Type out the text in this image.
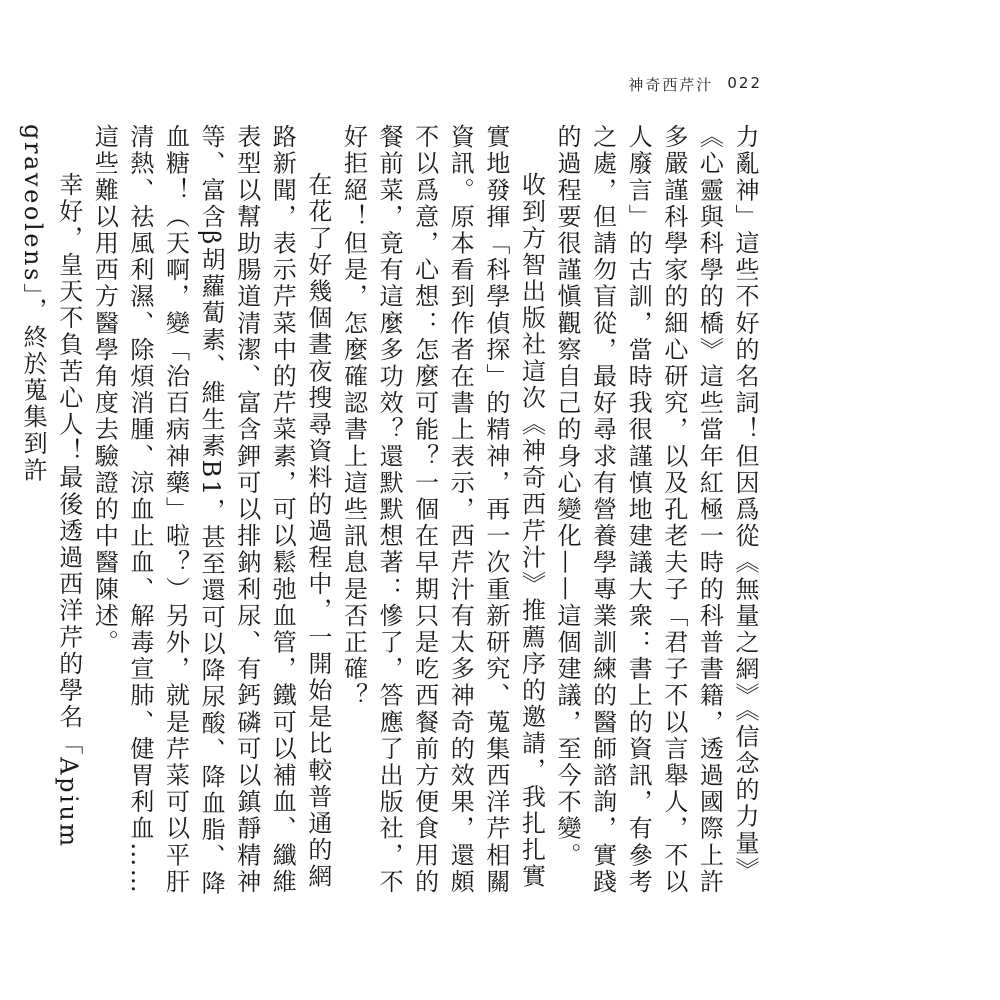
神奇西芹汁 022

力亂神」這些不好的名詞！但因爲從《無量之網》《信念的力量》《心靈與科學的橋》這些當年紅極一時的科普書籍，透過國際上許多嚴謹科學家的細心研究，以及孔老夫子「君子不以言舉人，不以人廢言」的古訓，當時我很謹慎地建議大衆：書上的資訊，有參考之處，但請勿盲從，最好尋求有營養學專業訓練的醫師諮詢，實踐的過程要很謹愼觀察自己的身心變化——這個建議，至今不變。

收到方智出版社這次《神奇西芹汁》推薦序的邀請，我扎扎實實地發揮「科學偵探」的精神，再一次重新研究、蒐集西洋芹相關資訊。原本看到作者在書上表示，西芹汁有太多神奇的效果，還頗不以爲意，心想：怎麼可能？一個在早期只是吃西餐前方便食用的餐前菜，竟有這麼多功效？還默默想著：慘了，答應了出版社，不好拒絕！但是，怎麼確認書上這些訊息是否正確？

在花了好幾個晝夜搜尋資料的過程中，一開始是比較普通的網路新聞，表示芹菜中的芹菜素，可以鬆弛血管，鐵可以補血、纖維表型以幫助腸道清潔、富含鉀可以排鈉利尿、有鈣磷可以鎮靜精神等、富含β胡蘿蔔素、維生素B1，甚至還可以降尿酸、降血脂、降血糖！（天啊，變「治百病神藥」啦？）另外，就是芹菜可以平肝清熱、祛風利濕、除煩消腫、涼血止血、解毒宣肺、健胃利血……這些難以用西方醫學角度去驗證的中醫陳述。

幸好，皇天不負苦心人！最後透過西洋芹的學名「Apium graveolens」，終於蒐集到許
